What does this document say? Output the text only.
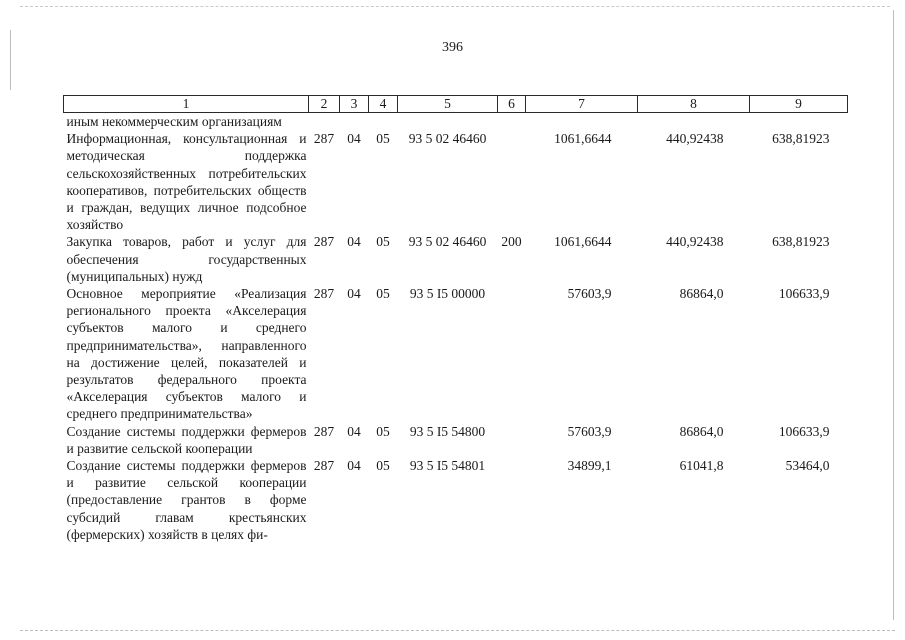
396
1	2	3	4	5	6	7	8	9
иным некоммерческим организациям								
Информационная, консультационная и методическая поддержка сельскохозяйственных потребительских кооперативов, потребительских обществ и граждан, ведущих личное подсобное хозяйство	287	04	05	93 5 02 46460		1061,6644	440,92438	638,81923
Закупка товаров, работ и услуг для обеспечения государственных (муниципальных) нужд	287	04	05	93 5 02 46460	200	1061,6644	440,92438	638,81923
Основное мероприятие «Реализация регионального проекта «Акселерация субъектов малого и среднего предпринимательства», направленного на достижение целей, показателей и результатов федерального проекта «Акселерация субъектов малого и среднего предпринимательства»	287	04	05	93 5 I5 00000		57603,9	86864,0	106633,9
Создание системы поддержки фермеров и развитие сельской кооперации	287	04	05	93 5 I5 54800		57603,9	86864,0	106633,9
Создание системы поддержки фермеров и развитие сельской кооперации (предоставление грантов в форме субсидий главам крестьянских (фермерских) хозяйств в целях фи-	287	04	05	93 5 I5 54801		34899,1	61041,8	53464,0
